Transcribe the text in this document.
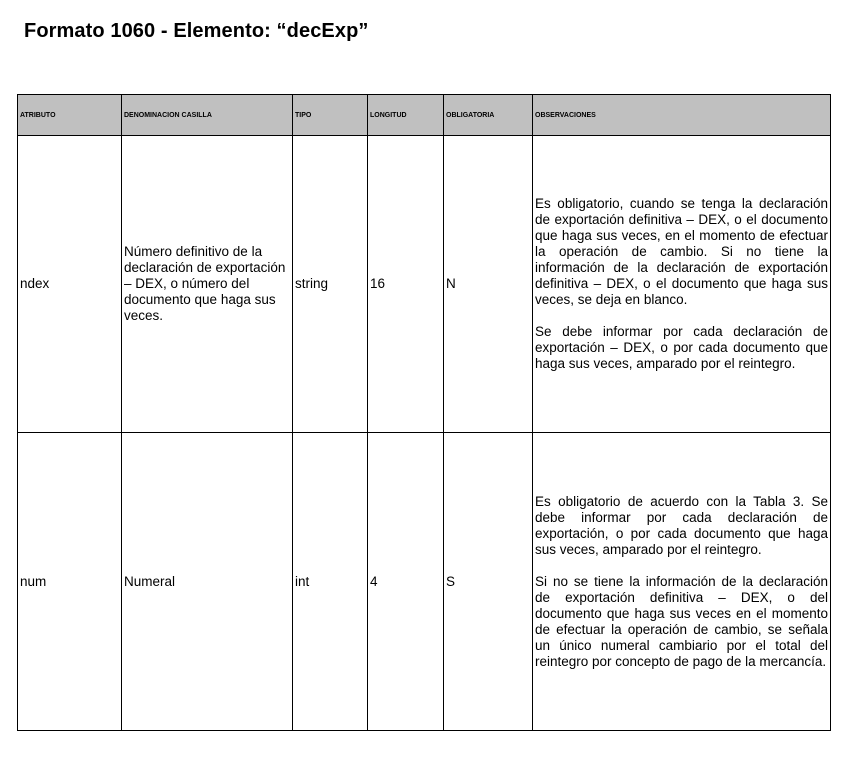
Formato 1060 - Elemento: “decExp”
ATRIBUTO	DENOMINACION CASILLA	TIPO	LONGITUD	OBLIGATORIA	OBSERVACIONES
ndex	Número definitivo de la declaración de exportación – DEX, o número del documento que haga sus veces.	string	16	N	Es obligatorio, cuando se tenga la declaración de exportación definitiva – DEX, o el documento que haga sus veces, en el momento de efectuar la operación de cambio. Si no tiene la información de la declaración de exportación definitiva – DEX, o el documento que haga sus veces, se deja en blanco.

Se debe informar por cada declaración de exportación – DEX, o por cada documento que haga sus veces, amparado por el reintegro.

num	Numeral	int	4	S	Es obligatorio de acuerdo con la Tabla 3. Se debe informar por cada declaración de exportación, o por cada documento que haga sus veces, amparado por el reintegro.

Si no se tiene la información de la declaración de exportación definitiva – DEX, o del documento que haga sus veces en el momento de efectuar la operación de cambio, se señala un único numeral cambiario por el total del reintegro por concepto de pago de la mercancía.
